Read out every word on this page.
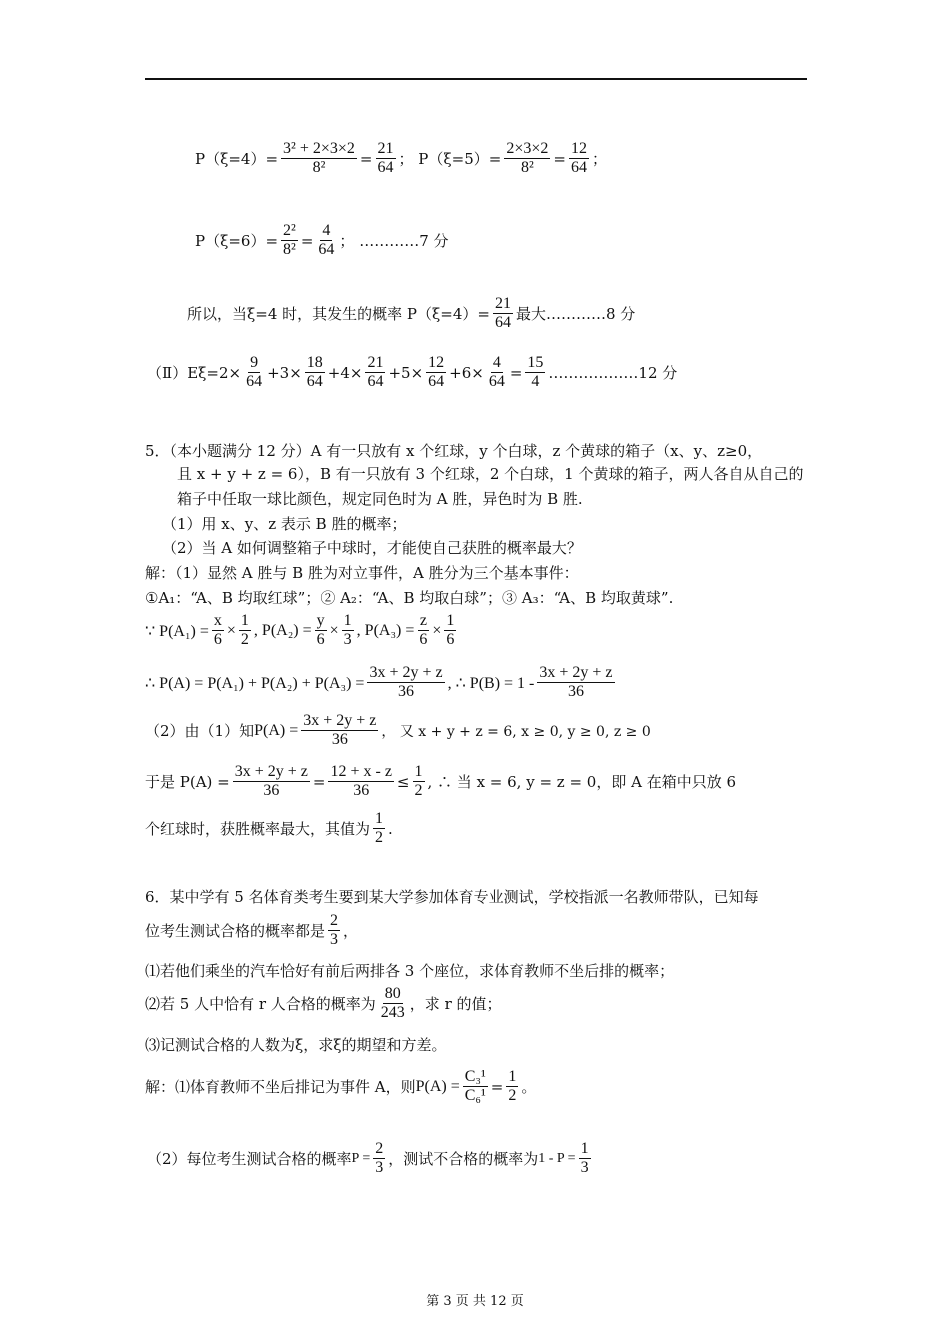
$P(\xi=4)= \frac{\text{3² + 2×3×2}}{\text{8²}} = \frac{21}{64}$ ； $P(\xi=5)= \frac{2\times 3\times 2}{\text{8²}} = \frac{12}{64}$ ；
$P(\xi=6)= \frac{\text{2²}}{\text{8²}} = \frac{4}{64}$ ； …………7 分
所以，当ξ=4 时，其发生的概率 $P(\xi=4)= \frac{21}{64}$ 最大…………8 分
（Ⅱ）Eξ=2× $\frac{9}{64} +3\times \frac{18}{64} +4\times \frac{21}{64} +5\times \frac{12}{64} +6\times \frac{4}{64} = \frac{15}{4}$ ………………12 分
5．（本小题满分 12 分）A 有一只放有 x 个红球，y 个白球，z 个黄球的箱子（x、y、z≥0，
且 x + y + z = 6），B 有一只放有 3 个红球，2 个白球，1 个黄球的箱子，两人各自从自己的
箱子中任取一球比颜色，规定同色时为 A 胜，异色时为 B 胜.
（1）用 x、y、z 表示 B 胜的概率；
（2）当 A 如何调整箱子中球时，才能使自己获胜的概率最大？
解：（1）显然 A 胜与 B 胜为对立事件，A 胜分为三个基本事件：
①A₁：“A、B 均取红球”；② A₂：“A、B 均取白球”；③ A₃：“A、B 均取黄球”.
∵ $P(A_1) = \frac{x}{6} \times \frac{1}{2}$ , $P(A_2) = \frac{y}{6} \times \frac{1}{3}$ , $P(A_3) = \frac{z}{6} \times \frac{1}{6}$
∴ $P(A) = P(A_1) + P(A_2) + P(A_3) = \frac{3x + 2y + z}{36}$ , ∴ $P(B) = 1 - \frac{3x + 2y + z}{36}$
（2）由（1）知 $P(A) = \frac{3x + 2y + z}{36}$ ， 又 x + y + z = 6, x ≥ 0, y ≥ 0, z ≥ 0
于是 $P(A) = \frac{3x + 2y + z}{36} = \frac{12 + x - z}{36} \le \frac{1}{2}$ , ∴ 当 x = 6, y = z = 0，即 A 在箱中只放 6
个红球时，获胜概率最大，其值为 $\frac{1}{2}$ .
6．某中学有 5 名体育类考生要到某大学参加体育专业测试，学校指派一名教师带队，已知每
位考生测试合格的概率都是 $\frac{2}{3}$ ，
⑴若他们乘坐的汽车恰好有前后两排各 3 个座位，求体育教师不坐后排的概率；
⑵若 5 人中恰有 r 人合格的概率为 $\frac{80}{243}$ ，求 r 的值；
⑶记测试合格的人数为ξ，求ξ的期望和方差。
解：⑴体育教师不坐后排记为事件 A，则 $P(A) = \frac{\text{C₃¹}}{\text{C₆¹}} = \frac{1}{2}$ 。
（2）每位考生测试合格的概率 $P = \frac{2}{3}$ ，测试不合格的概率为 $1 - P = \frac{1}{3}$
第 3 页 共 12 页
